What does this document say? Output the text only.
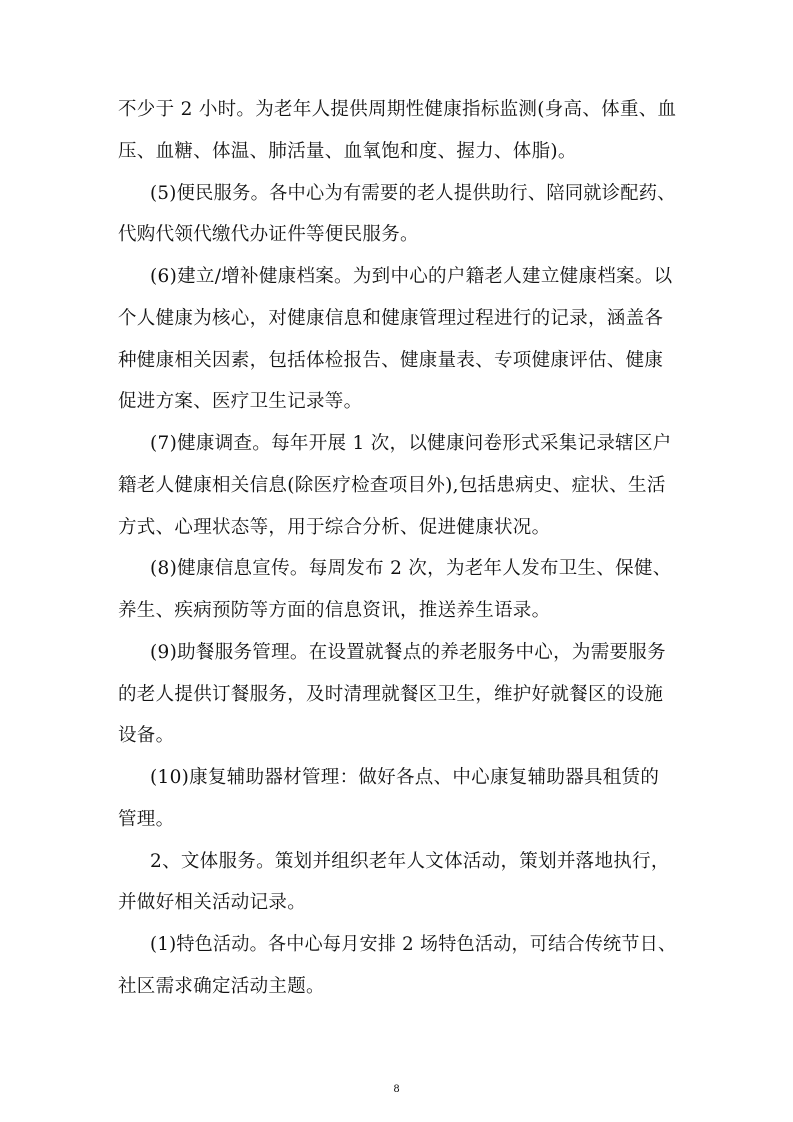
不少于 2 小时。为老年人提供周期性健康指标监测(身高、体重、血
压、血糖、体温、肺活量、血氧饱和度、握力、体脂)。
(5)便民服务。各中心为有需要的老人提供助行、陪同就诊配药、
代购代领代缴代办证件等便民服务。
(6)建立/增补健康档案。为到中心的户籍老人建立健康档案。以
个人健康为核心，对健康信息和健康管理过程进行的记录，涵盖各
种健康相关因素，包括体检报告、健康量表、专项健康评估、健康
促进方案、医疗卫生记录等。
(7)健康调查。每年开展 1 次，以健康问卷形式采集记录辖区户
籍老人健康相关信息(除医疗检查项目外),包括患病史、症状、生活
方式、心理状态等，用于综合分析、促进健康状况。
(8)健康信息宣传。每周发布 2 次，为老年人发布卫生、保健、
养生、疾病预防等方面的信息资讯，推送养生语录。
(9)助餐服务管理。在设置就餐点的养老服务中心，为需要服务
的老人提供订餐服务，及时清理就餐区卫生，维护好就餐区的设施
设备。
(10)康复辅助器材管理：做好各点、中心康复辅助器具租赁的
管理。
2、文体服务。策划并组织老年人文体活动，策划并落地执行，
并做好相关活动记录。
(1)特色活动。各中心每月安排 2 场特色活动，可结合传统节日、
社区需求确定活动主题。
8
